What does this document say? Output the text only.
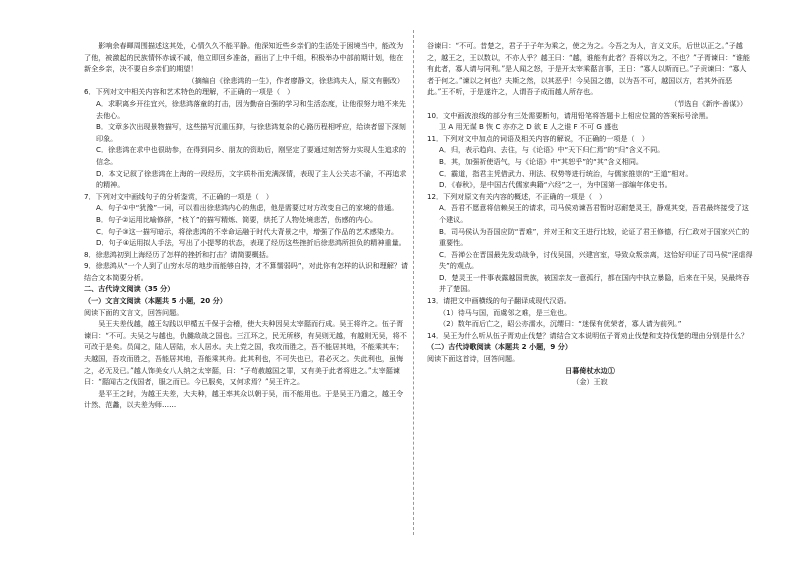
影响余春暉周围描述这其处，心情久久不能平静。他深知近些乡亲们的生活处于困境当中，能改为了他，被激起的民族情怀赤诚不减，他立即回乡准备，画出了上中千组，积极举办中部前期计划，他在新全乡亲，决不要自乡亲们的期望！

（摘编自《徐悲鸿的一生》，作者廖静文，徐悲鸿夫人，原文有删改）

6．下列对文中相关内容和艺术特色的理解，不正确的一项是（　）

A．求职离乡开往宜兴，徐悲鸿落童的打击，因为勤奋自强的学习和生活态度，让他很努力地不来先去他心。

B．文章多次出现景物描写，这些描写沉重压抑，与徐悲鸿复杂的心路历程相呼应，给读者留下深刻印象。

C．徐悲鸿在求中也很助参，在得到同乡、朋友的资助后，刚坚定了要通过刻苦努力实现人生追求的信念。

D．本文记叙了徐悲鸿在上海的一段经历，文字质朴而充满深情，表现了主人公关志不渝，不再追求的精神。

7．下列对文中画线句子的分析鉴赏，不正确的一项是（　）

A．句子①中“犹豫”一词，可以看出徐悲鸿内心的焦虑，他是需要过对方改变自己的家境的普通。

B．句子②运用比喻修辞，“枝丫”的描写精炼、简要，烘托了人物处境悲苦，伤感的内心。

C．句子③这一描写暗示，将徐悲鸿的不幸命运融于时代大背景之中，增强了作品的艺术感染力。

D．句子④运用拟人手法，写出了小提琴的状态，表现了经历这些挫折后徐悲鸿所担负的精神重量。

8．徐悲鸿初到上海经历了怎样的挫折和打击？请简要概括。

9．徐悲鸿从“一个人到了山穷水尽的地步而能够自持，才不算懦弱吗”，对此你有怎样的认识和理解？请结合文本简要分析。

二、古代诗文阅读（35 分）

（一）文言文阅读（本题共 5 小题，20 分）

阅读下面的文言文，回答问题。

吴王夫差伐越，越王勾践以甲楯五千保于会稽，使大夫种因吴太宰嚭而行成。吴王将许之。伍子胥谏曰：“不可。夫吴之与越也，仇雠敌战之国也。三江环之，民无所移，有吴则无越，有越则无吴，将不可改于是矣。员闻之，陆人居陆，水人居水。夫上党之国，我攻而胜之，吾不能居其地，不能乘其车；夫越国，吾攻而胜之，吾能居其地，吾能乘其舟。此其利也，不可失也已，君必灭之。失此利也，虽悔之，必无及已。”越人饰美女八人纳之太宰嚭，曰：“子苟赦越国之罪，又有美于此者将进之。”太宰嚭谏曰：“嚭闻古之伐国者，服之而已。今已服矣，又何求焉？”吴王许之。

是平王之时，为越王夫差，大夫种，越王率其众以朝于吴，而不能用也。于是吴王乃遣之，越王令计然、范蠡，以夫差为师……

谷谏曰：“不可。昔楚之，君子于子年为乘之，使之为之。今吾之为人，言义文乐，后世以正之。”子越之，越王之，王以数以，不亦人乎？越王曰：“越，谁能有此者？吾将以为之，不也？”子胥谏曰：“谁能有此者，寡人请与同利。”是人闻之怒，于是开太宰乘嚭言事，王日：“寡人以斯而已。”子贡谏曰：“寡人者于何之。”谏以之何也？夫斯之然，以其恶乎！今吴国之德，以为吾不可，越国以方，若其外而恶此。”王不听，于是遂许之，人谓吾子成而越人所存也。

（节选自《新序·善谋》）

10．文中画波浪线的部分有三处需要断句，请用铅笔将答题卡上相应位置的答案标号涂黑。

卫 A 用无谋 B 恢 C 亦亦之 D 欲 E 人之谁 F 不可 G 盛也

11．下列对文中加点的词语及相关内容的解说，不正确的一项是（　）

A．归，表示趋向、去往，与《论语》中“天下归仁焉”的“归”含义不同。

B．其，加强祈使语气，与《论语》中“其恕乎”的“其”含义相同。

C．霸道，指君主凭借武力、刑法、权势等进行统治，与儒家推崇的“王道”相对。

D．《春秋》，是中国古代儒家典籍“六经”之一，为中国第一部编年体史书。

12．下列对原文有关内容的概述，不正确的一项是（　）

A．吾君不愿意将信赖吴王的请求，司马侯劝谏吾君暂时忍耐楚灵王，静观其变，吾君最终接受了这个建议。

B．司马侯认为吾国应防“晋难”，并对王和文王进行比较，论证了君王修德，行仁政对于国家兴亡的重要性。

C．吾禅公在晋国最先发动战争，讨伐吴国，兴建宫室，导致众叛亲离，这恰好印证了司马侯“淫虐得失”的观点。

D．楚灵王一件事表露越国贵族，被国亲友一意孤行，都在国内中执立暴隐，后来在干吴，吴最终吞并了楚国。

13．请把文中画横线的句子翻译成现代汉语。

（1）待马与国，而虞邻之难，是三危也。

（2）数年而后亡之，昭公亦濡水，沉缨曰：“迷保有优荣者，寡人请为前列。”

14．吴王为什么听从伍子胥劝止伐楚？请结合文本说明伍子胥劝止伐楚和支持伐楚的理由分别是什么？

（二）古代诗歌阅读（本题共 2 小题，9 分）

阅读下面这首诗，回答问题。

日暮倚杖水边①

（金）王寂
